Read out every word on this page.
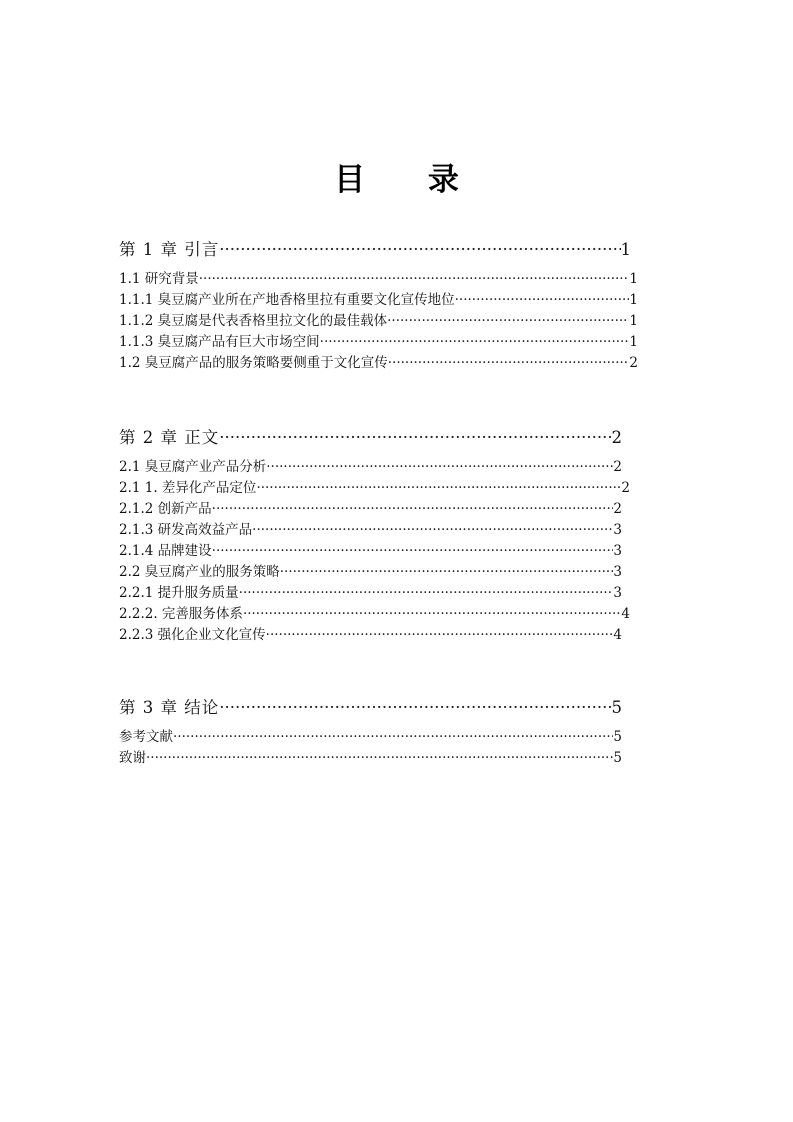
目 录
第 1 章 引言 ·····	1
1.1 研究背景 ·····	1
1.1.1 臭豆腐产业所在产地香格里拉有重要文化宣传地位 ·····	1
1.1.2 臭豆腐是代表香格里拉文化的最佳载体 ·····	1
1.1.3 臭豆腐产品有巨大市场空间 ·····	1
1.2 臭豆腐产品的服务策略要侧重于文化宣传 ·····	2
第 2 章 正文 ·····	2
2.1 臭豆腐产业产品分析 ·····	2
2.1 1. 差异化产品定位 ·····	2
2.1.2 创新产品 ·····	2
2.1.3 研发高效益产品 ·····	3
2.1.4 品牌建设 ·····	3
2.2 臭豆腐产业的服务策略 ·····	3
2.2.1 提升服务质量 ·····	3
2.2.2. 完善服务体系 ·····	4
2.2.3 强化企业文化宣传 ·····	4
第 3 章 结论 ·····	5
参考文献 ·····	5
致谢 ·····	5
